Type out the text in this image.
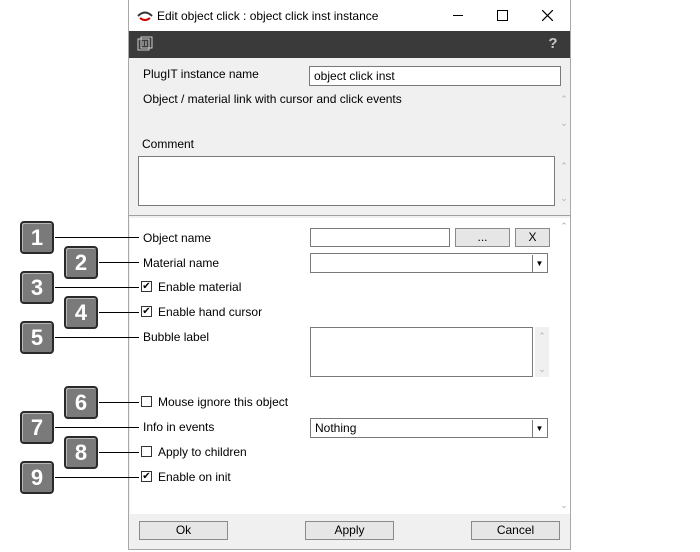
Edit object click : object click inst instance
?
PlugIT instance name	object click inst
Object / material link with cursor and click events	⌃
⌄
Comment
⌃
⌄
⌃
⌄
Object name	...	X
Material name	▼
✔ Enable material
✔ Enable hand cursor
Bubble label	⌃
⌄
Mouse ignore this object
Info in events	Nothing	▼
Apply to children
✔ Enable on init
Ok	Apply	Cancel
1
2
3
4
5
6
7
8
9
